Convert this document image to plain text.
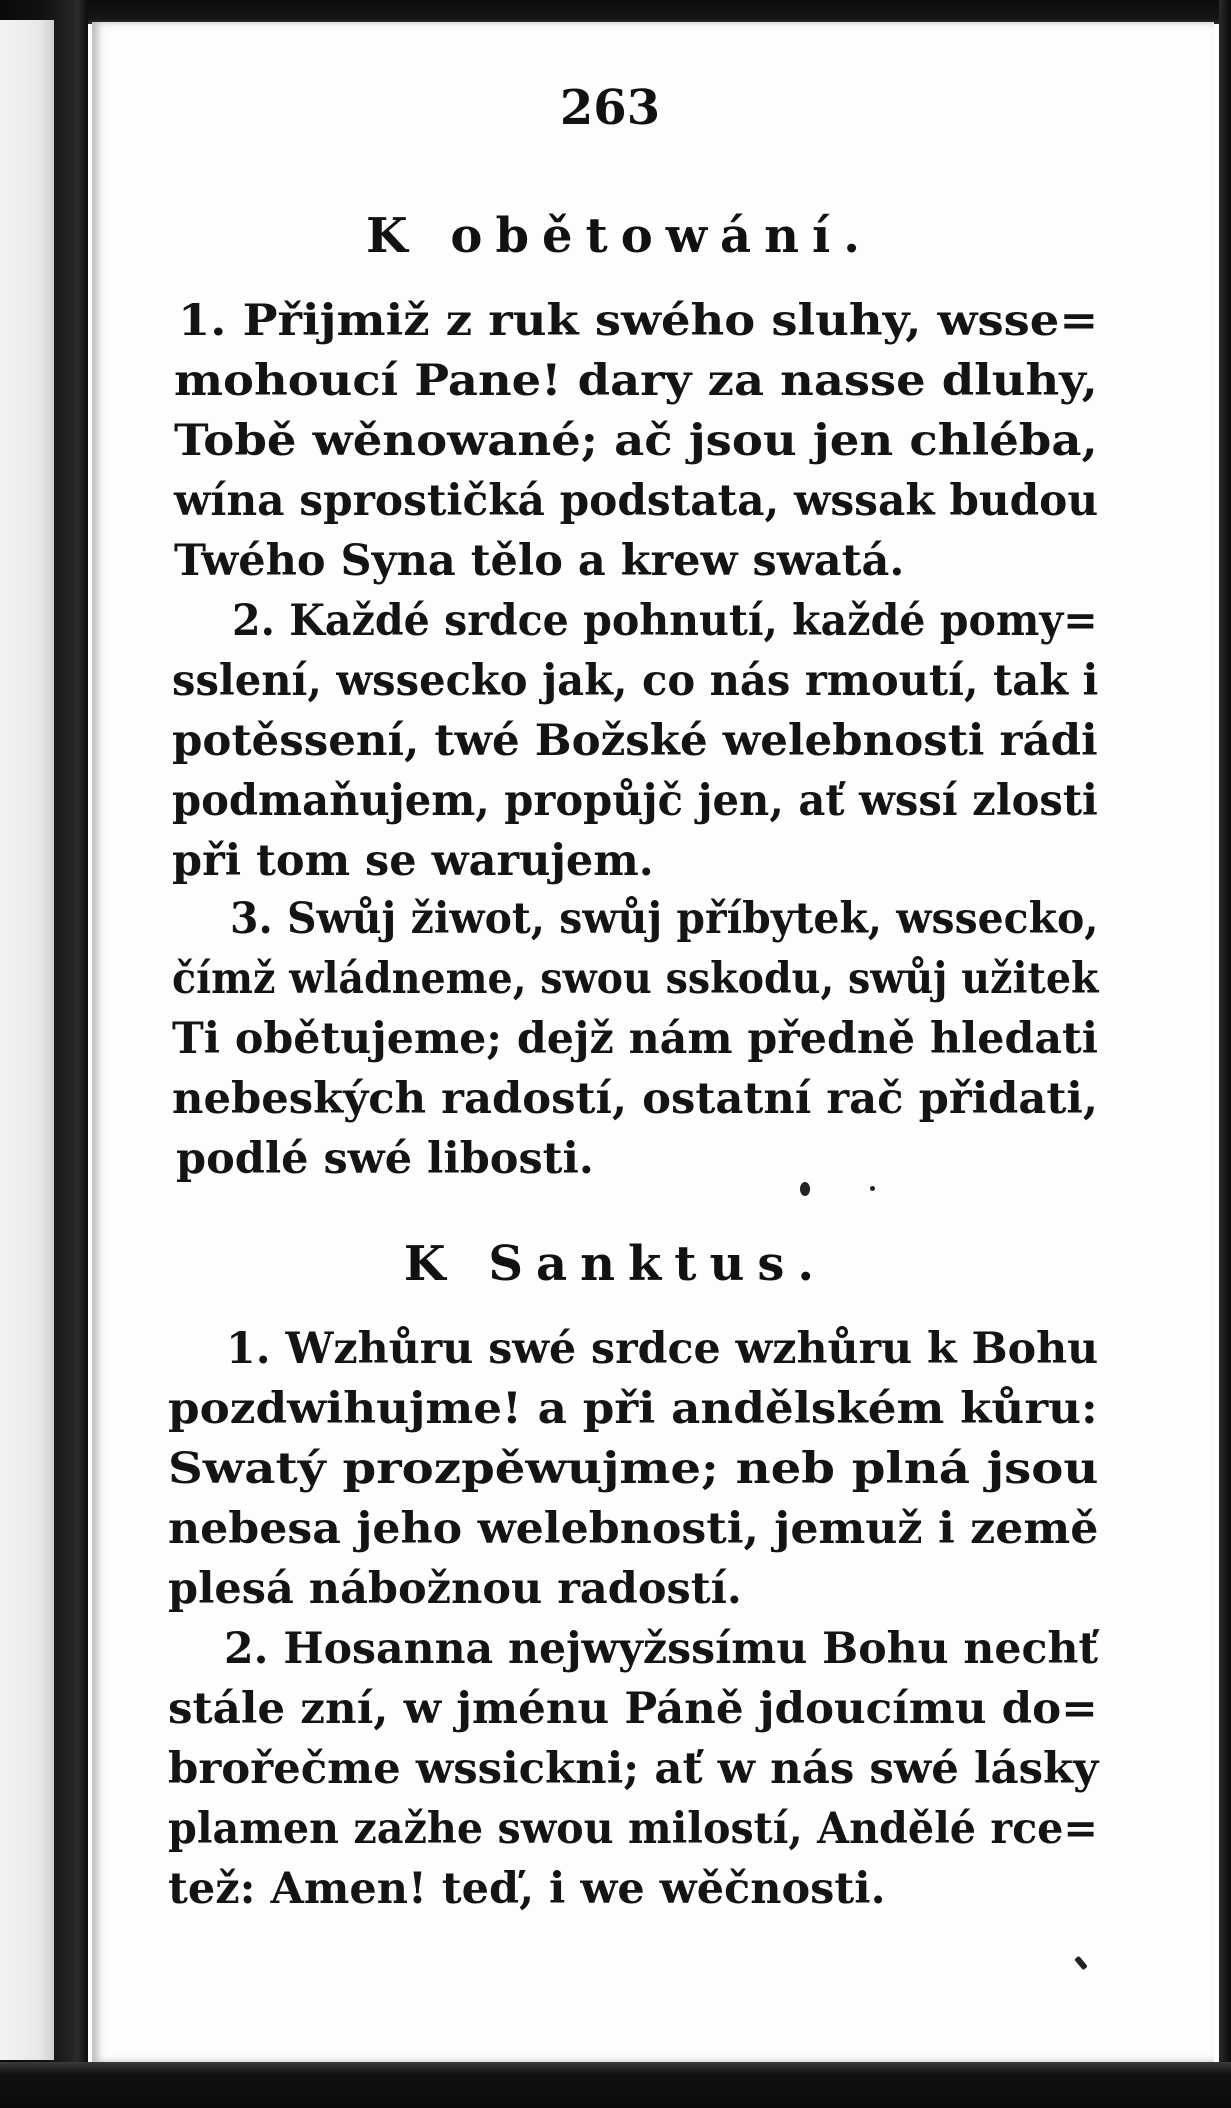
263
K obětowání.
1. Přijmiž z ruk swého sluhy, wsse=
mohoucí Pane! dary za nasse dluhy,
Tobě wěnowané; ač jsou jen chléba,
wína sprostičká podstata, wssak budou
Twého Syna tělo a krew swatá.
2. Každé srdce pohnutí, každé pomy=
sslení, wssecko jak, co nás rmoutí, tak i
potěssení, twé Božské welebnosti rádi
podmaňujem, propůjč jen, ať wssí zlosti
při tom se warujem.
3. Swůj žiwot, swůj příbytek, wssecko,
čímž wládneme, swou sskodu, swůj užitek
Ti obětujeme; dejž nám předně hledati
nebeských radostí, ostatní rač přidati,
podlé swé libosti.
K Sanktus.
1. Wzhůru swé srdce wzhůru k Bohu
pozdwihujme! a při andělském kůru:
Swatý prozpěwujme; neb plná jsou
nebesa jeho welebnosti, jemuž i země
plesá nábožnou radostí.
2. Hosanna nejwyžssímu Bohu nechť
stále zní, w jménu Páně jdoucímu do=
brořečme wssickni; ať w nás swé lásky
plamen zažhe swou milostí, Andělé rce=
tež: Amen! teď, i we wěčnosti.
